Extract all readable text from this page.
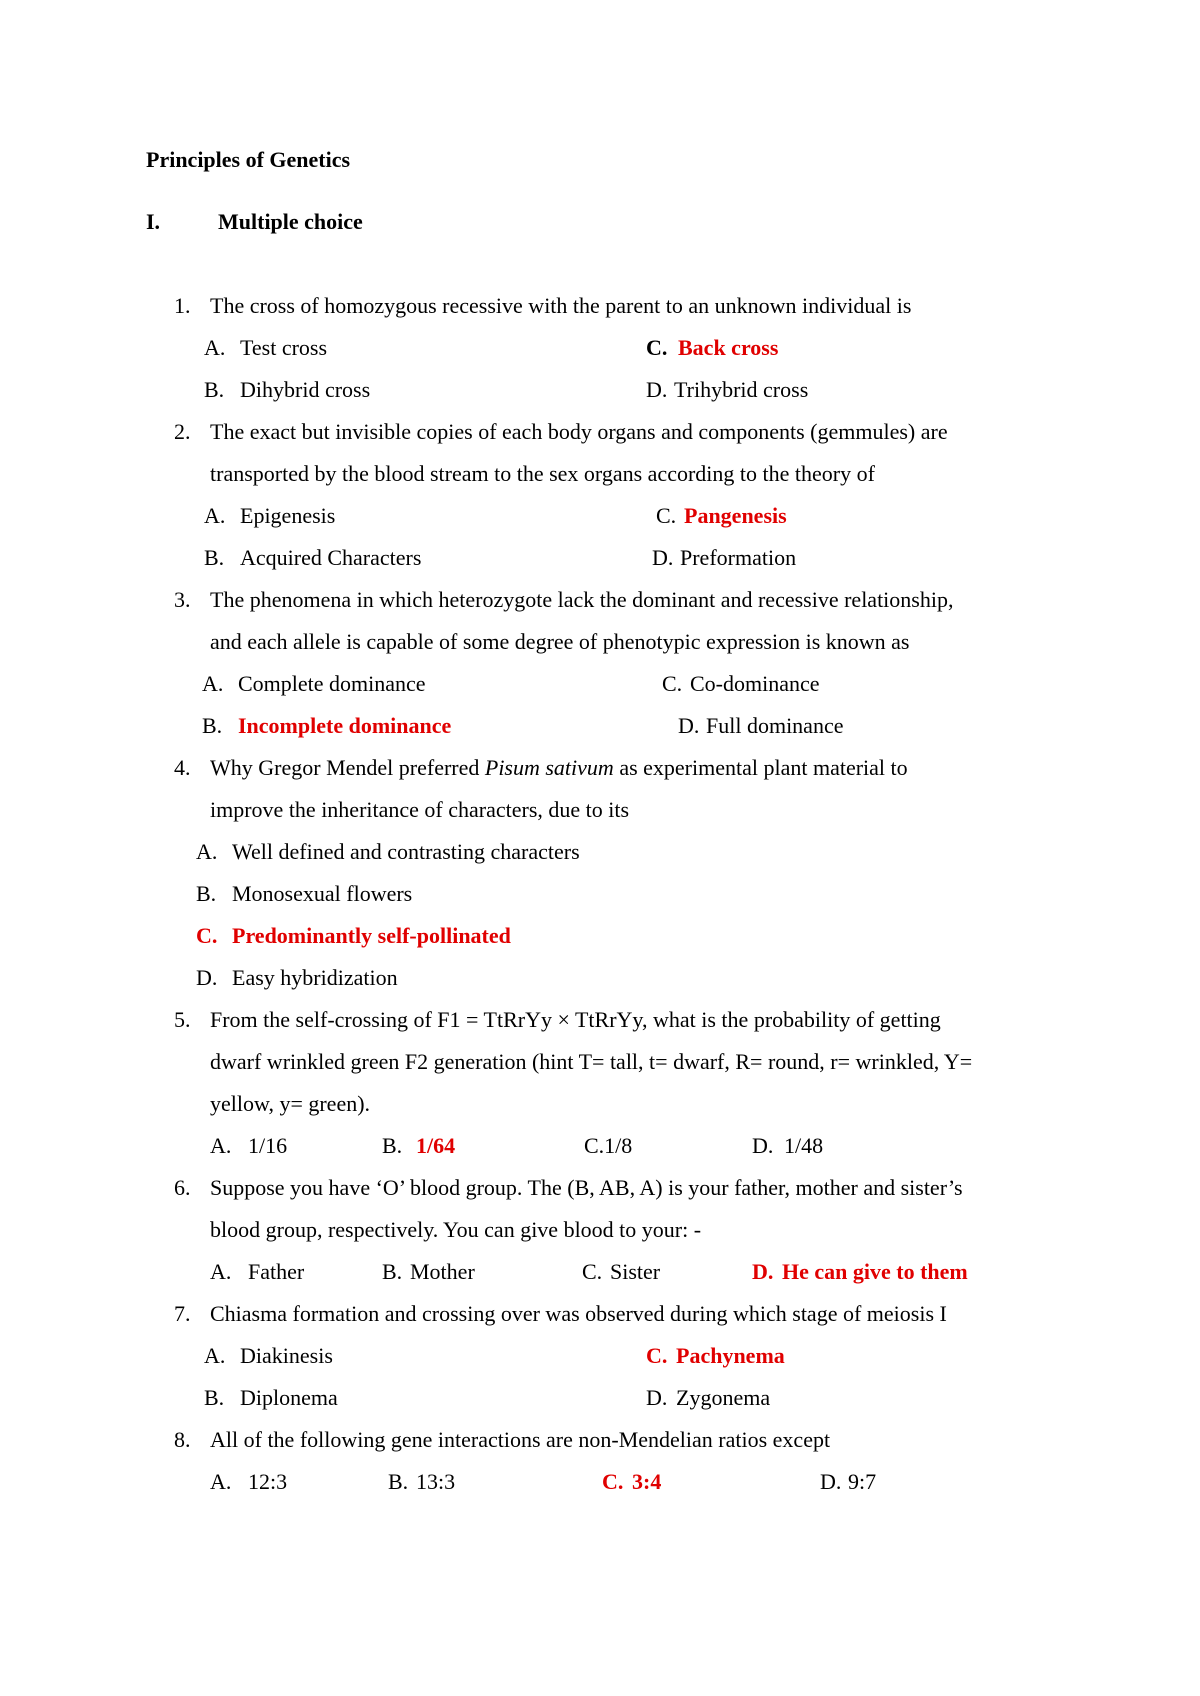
Principles of Genetics
I.	Multiple choice
1. The cross of homozygous recessive with the parent to an unknown individual is
A. Test cross	C. Back cross
B. Dihybrid cross	D. Trihybrid cross
2. The exact but invisible copies of each body organs and components (gemmules) are
transported by the blood stream to the sex organs according to the theory of
A. Epigenesis	C. Pangenesis
B. Acquired Characters	D. Preformation
3. The phenomena in which heterozygote lack the dominant and recessive relationship,
and each allele is capable of some degree of phenotypic expression is known as
A. Complete dominance	C. Co-dominance
B. Incomplete dominance	D. Full dominance
4. Why Gregor Mendel preferred Pisum sativum as experimental plant material to
improve the inheritance of characters, due to its
A. Well defined and contrasting characters
B. Monosexual flowers
C. Predominantly self-pollinated
D. Easy hybridization
5. From the self-crossing of F1 = TtRrYy × TtRrYy, what is the probability of getting
dwarf wrinkled green F2 generation (hint T= tall, t= dwarf, R= round, r= wrinkled, Y=
yellow, y= green).
A. 1/16	B. 1/64	C.1/8	D. 1/48
6. Suppose you have ‘O’ blood group. The (B, AB, A) is your father, mother and sister’s
blood group, respectively. You can give blood to your: -
A. Father	B. Mother	C. Sister	D. He can give to them
7. Chiasma formation and crossing over was observed during which stage of meiosis I
A. Diakinesis	C. Pachynema
B. Diplonema	D. Zygonema
8. All of the following gene interactions are non-Mendelian ratios except
A. 12:3	B. 13:3	C. 3:4	D. 9:7
